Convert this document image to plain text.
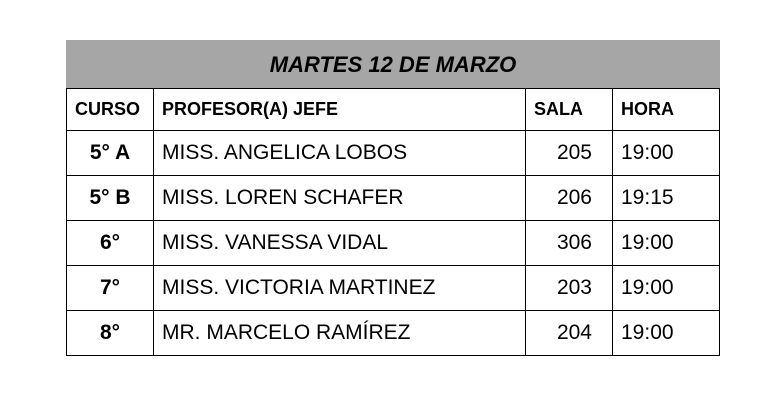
MARTES 12 DE MARZO			
CURSO	PROFESOR(A) JEFE	SALA	HORA
5° A	MISS. ANGELICA LOBOS	205	19:00
5° B	MISS. LOREN SCHAFER	206	19:15
6°	MISS. VANESSA VIDAL	306	19:00
7°	MISS. VICTORIA MARTINEZ	203	19:00
8°	MR. MARCELO RAMÍREZ	204	19:00
